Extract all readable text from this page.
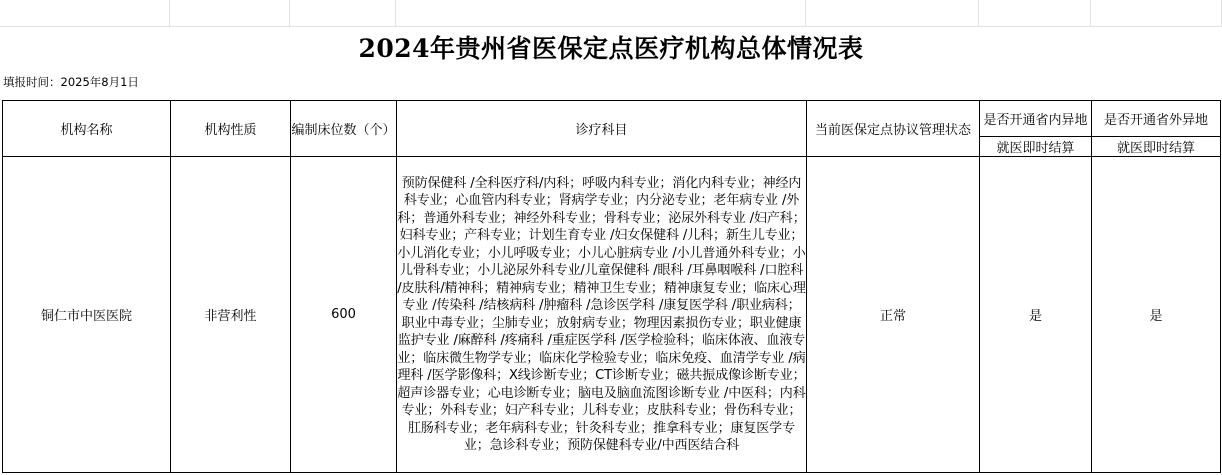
2024年贵州省医保定点医疗机构总体情况表
填报时间：2025年8月1日
机构名称	机构性质	编制床位数（个）	诊疗科目	当前医保定点协议管理状态	是否开通省内异地	是否开通省外异地
					就医即时结算	就医即时结算
铜仁市中医医院	非营利性	600	预防保健科 /全科医疗科/内科；呼吸内科专业；消化内科专业；神经内科专业；心血管内科专业；肾病学专业；内分泌专业；老年病专业 /外科；普通外科专业；神经外科专业；骨科专业；泌尿外科专业 /妇产科；妇科专业；产科专业；计划生育专业 /妇女保健科 /儿科；新生儿专业；小儿消化专业；小儿呼吸专业；小儿心脏病专业 /小儿普通外科专业；小儿骨科专业；小儿泌尿外科专业/儿童保健科 /眼科 /耳鼻咽喉科 /口腔科 /皮肤科/精神科；精神病专业；精神卫生专业；精神康复专业；临床心理专业 /传染科 /结核病科 /肿瘤科 /急诊医学科 /康复医学科 /职业病科；职业中毒专业；尘肺专业；放射病专业；物理因素损伤专业；职业健康监护专业 /麻醉科 /疼痛科 /重症医学科 /医学检验科；临床体液、血液专业；临床微生物学专业；临床化学检验专业；临床免疫、血清学专业 /病理科 /医学影像科；X线诊断专业；CT诊断专业；磁共振成像诊断专业；超声诊器专业；心电诊断专业；脑电及脑血流图诊断专业 /中医科；内科专业；外科专业；妇产科专业；儿科专业；皮肤科专业；骨伤科专业；肛肠科专业；老年病科专业；针灸科专业；推拿科专业；康复医学专业；急诊科专业；预防保健科专业/中西医结合科	正常	是	是
